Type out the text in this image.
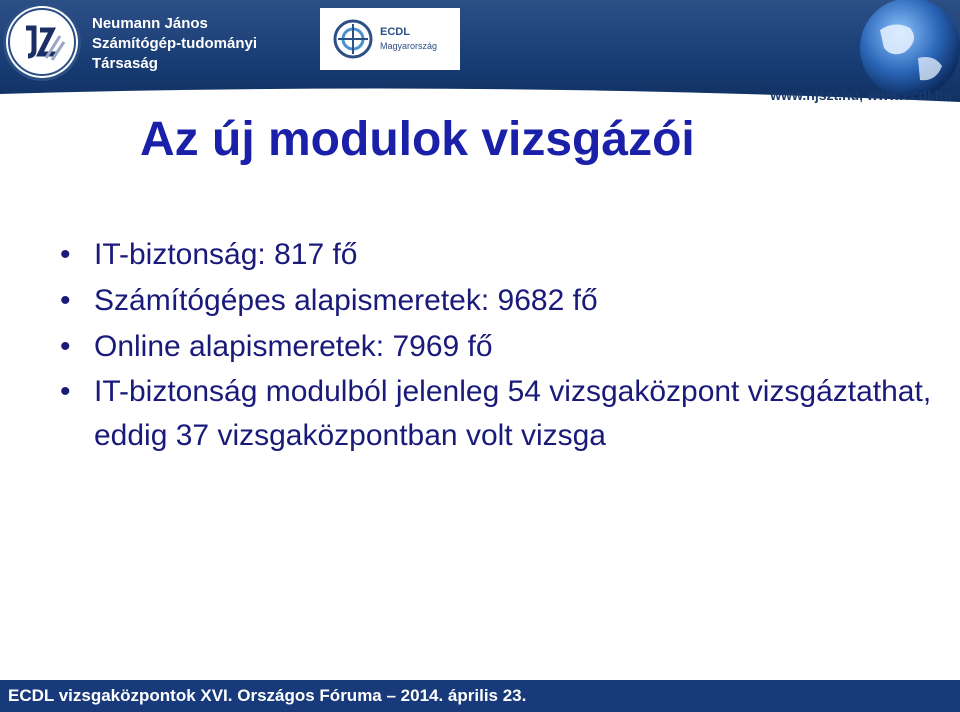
Neumann János
Számítógép-tudományi
Társaság
ECDL
Magyarország
www.njszt.hu, www.ecdl.hu
Az új modulok vizsgázói
• IT-biztonság: 817 fő
• Számítógépes alapismeretek: 9682 fő
• Online alapismeretek: 7969 fő
• IT-biztonság modulból jelenleg 54 vizsgaközpont vizsgáztathat, eddig 37 vizsgaközpontban volt vizsga
ECDL vizsgaközpontok XVI. Országos Fóruma – 2014. április 23.
